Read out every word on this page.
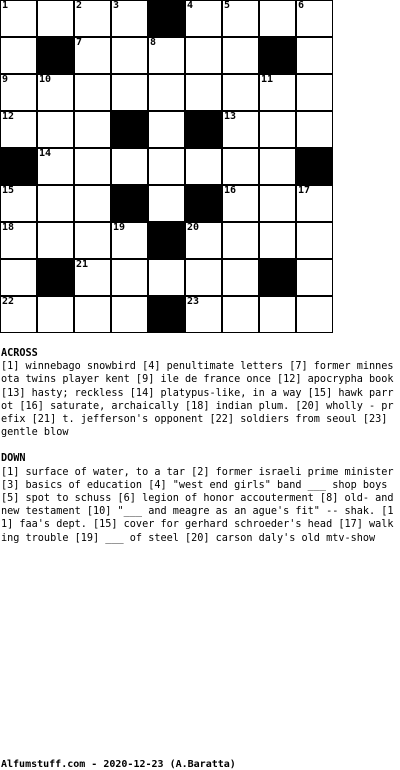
1	2	3	4	5	6
7	8
9	10	11
12	13
14
15	16	17
18	19	20
21
22	23
ACROSS
[1] winnebago snowbird [4] penultimate letters [7] former minnesota twins player kent [9] ile de france once [12] apocrypha book [13] hasty; reckless [14] platypus-like, in a way [15] hawk parrot [16] saturate, archaically [18] indian plum. [20] wholly - prefix [21] t. jefferson's opponent [22] soldiers from seoul [23] gentle blow
DOWN
[1] surface of water, to a tar [2] former israeli prime minister [3] basics of education [4] "west end girls" band ___ shop boys [5] spot to schuss [6] legion of honor accouterment [8] old- and new testament [10] "___ and meagre as an ague's fit" -- shak. [11] faa's dept. [15] cover for gerhard schroeder's head [17] walking trouble [19] ___ of steel [20] carson daly's old mtv-show
Alfumstuff.com - 2020-12-23 (A.Baratta)
